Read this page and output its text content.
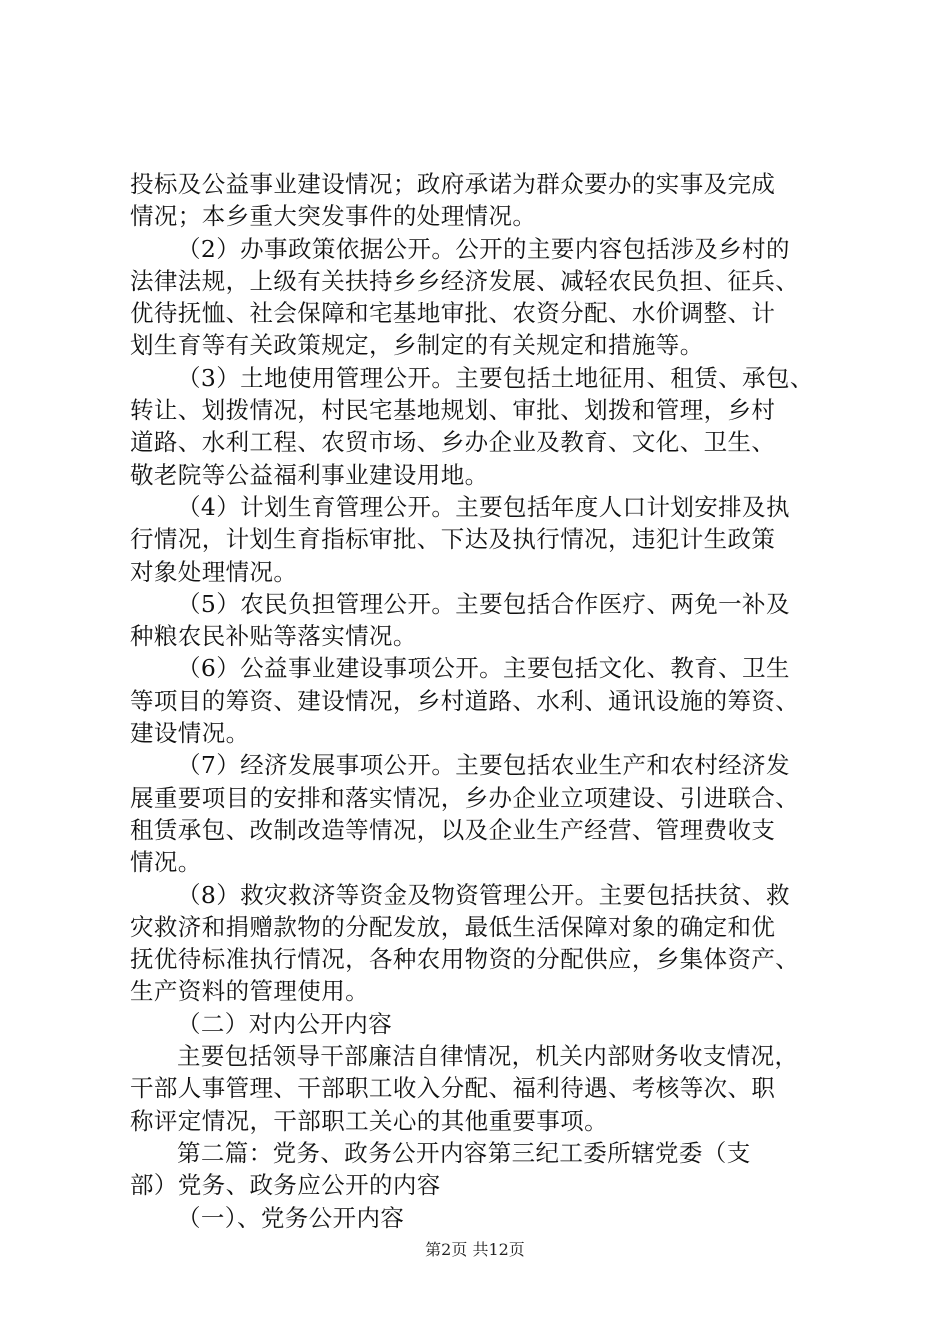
投标及公益事业建设情况；政府承诺为群众要办的实事及完成
情况；本乡重大突发事件的处理情况。
（2）办事政策依据公开。公开的主要内容包括涉及乡村的
法律法规，上级有关扶持乡乡经济发展、减轻农民负担、征兵、
优待抚恤、社会保障和宅基地审批、农资分配、水价调整、计
划生育等有关政策规定，乡制定的有关规定和措施等。
（3）土地使用管理公开。主要包括土地征用、租赁、承包、
转让、划拨情况，村民宅基地规划、审批、划拨和管理，乡村
道路、水利工程、农贸市场、乡办企业及教育、文化、卫生、
敬老院等公益福利事业建设用地。
（4）计划生育管理公开。主要包括年度人口计划安排及执
行情况，计划生育指标审批、下达及执行情况，违犯计生政策
对象处理情况。
（5）农民负担管理公开。主要包括合作医疗、两免一补及
种粮农民补贴等落实情况。
（6）公益事业建设事项公开。主要包括文化、教育、卫生
等项目的筹资、建设情况，乡村道路、水利、通讯设施的筹资、
建设情况。
（7）经济发展事项公开。主要包括农业生产和农村经济发
展重要项目的安排和落实情况，乡办企业立项建设、引进联合、
租赁承包、改制改造等情况，以及企业生产经营、管理费收支
情况。
（8）救灾救济等资金及物资管理公开。主要包括扶贫、救
灾救济和捐赠款物的分配发放，最低生活保障对象的确定和优
抚优待标准执行情况，各种农用物资的分配供应，乡集体资产、
生产资料的管理使用。
（二）对内公开内容
主要包括领导干部廉洁自律情况，机关内部财务收支情况，
干部人事管理、干部职工收入分配、福利待遇、考核等次、职
称评定情况，干部职工关心的其他重要事项。
第二篇：党务、政务公开内容第三纪工委所辖党委（支
部）党务、政务应公开的内容
（一）、党务公开内容
第2页 共12页
